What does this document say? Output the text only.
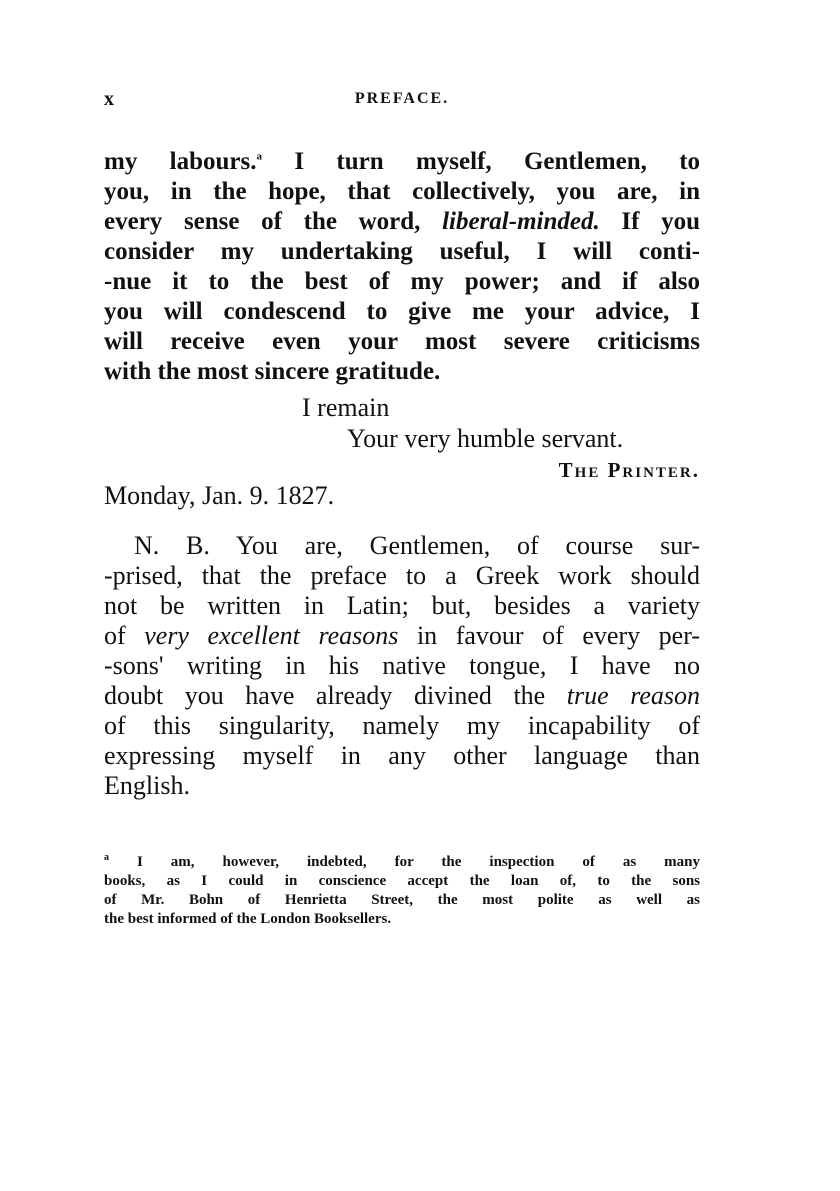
x	PREFACE.
my labours.$^a$ I turn myself, Gentlemen, to
you, in the hope, that collectively, you are, in
every sense of the word, liberal-minded. If you
consider my undertaking useful, I will conti-
-nue it to the best of my power; and if also
you will condescend to give me your advice, I
will receive even your most severe criticisms
with the most sincere gratitude.
I remain
Your very humble servant.
The Printer.
Monday, Jan. 9. 1827.
N. B. You are, Gentlemen, of course sur-
-prised, that the preface to a Greek work should
not be written in Latin; but, besides a variety
of very excellent reasons in favour of every per-
-sons' writing in his native tongue, I have no
doubt you have already divined the true reason
of this singularity, namely my incapability of
expressing myself in any other language than
English.
$^a$ I am, however, indebted, for the inspection of as many
books, as I could in conscience accept the loan of, to the sons
of Mr. Bohn of Henrietta Street, the most polite as well as
the best informed of the London Booksellers.
